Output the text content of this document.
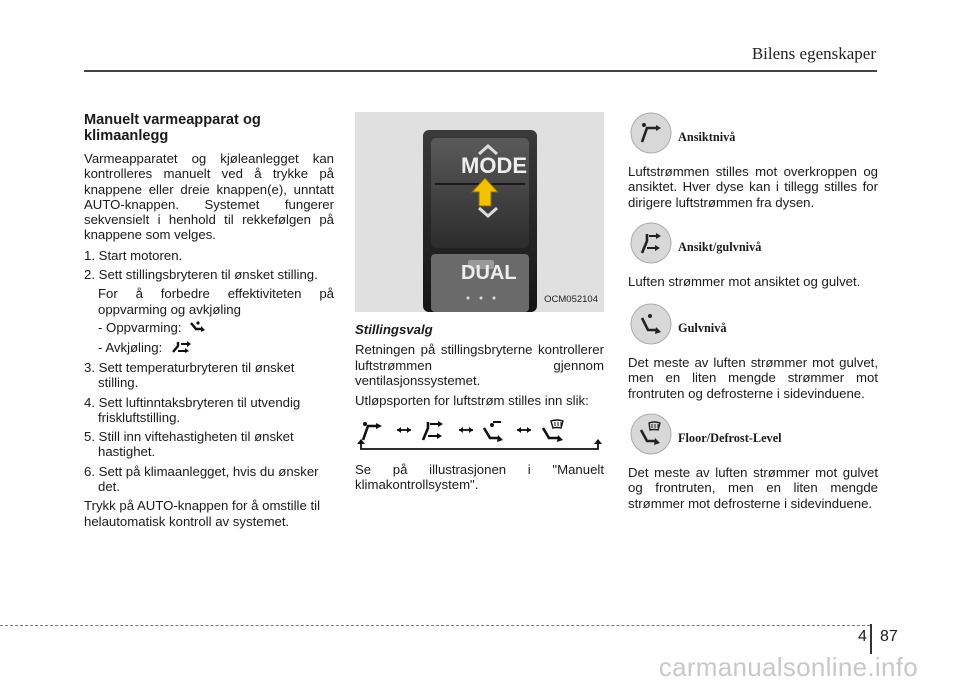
Bilens egenskaper
Manuelt varmeapparat og klimaanlegg

Varmeapparatet og kjøleanlegget kan kontrolleres manuelt ved å trykke på knappene eller dreie knappen(e), unntatt AUTO-knappen. Systemet fungerer sekvensielt i henhold til rekkefølgen på knappene som velges.

1. Start motoren.

2. Sett stillingsbryteren til ønsket stilling.

For å forbedre effektiviteten på oppvarming og avkjøling

- Oppvarming:

- Avkjøling:

3. Sett temperaturbryteren til ønsket stilling.

4. Sett luftinntaksbryteren til utvendig friskluftstilling.

5. Still inn viftehastigheten til ønsket hastighet.

6. Sett på klimaanlegget, hvis du ønsker det.

Trykk på AUTO-knappen for å omstille til helautomatisk kontroll av systemet.

MODE
DUAL
OCM052104

Stillingsvalg

Retningen på stillingsbryterne kontrollerer luftstrømmen gjennom ventilasjonssystemet.

Utløpsporten for luftstrøm stilles inn slik:

Se på illustrasjonen i "Manuelt klimakontrollsystem".

Ansiktnivå

Luftstrømmen stilles mot overkroppen og ansiktet. Hver dyse kan i tillegg stilles for dirigere luftstrømmen fra dysen.

Ansikt/gulvnivå

Luften strømmer mot ansiktet og gulvet.

Gulvnivå

Det meste av luften strømmer mot gulvet, men en liten mengde strømmer mot frontruten og defrosterne i sidevinduene.

Floor/Defrost-Level

Det meste av luften strømmer mot gulvet og frontruten, men en liten mengde strømmer mot defrosterne i sidevinduene.

4 87
carmanualsonline.info
